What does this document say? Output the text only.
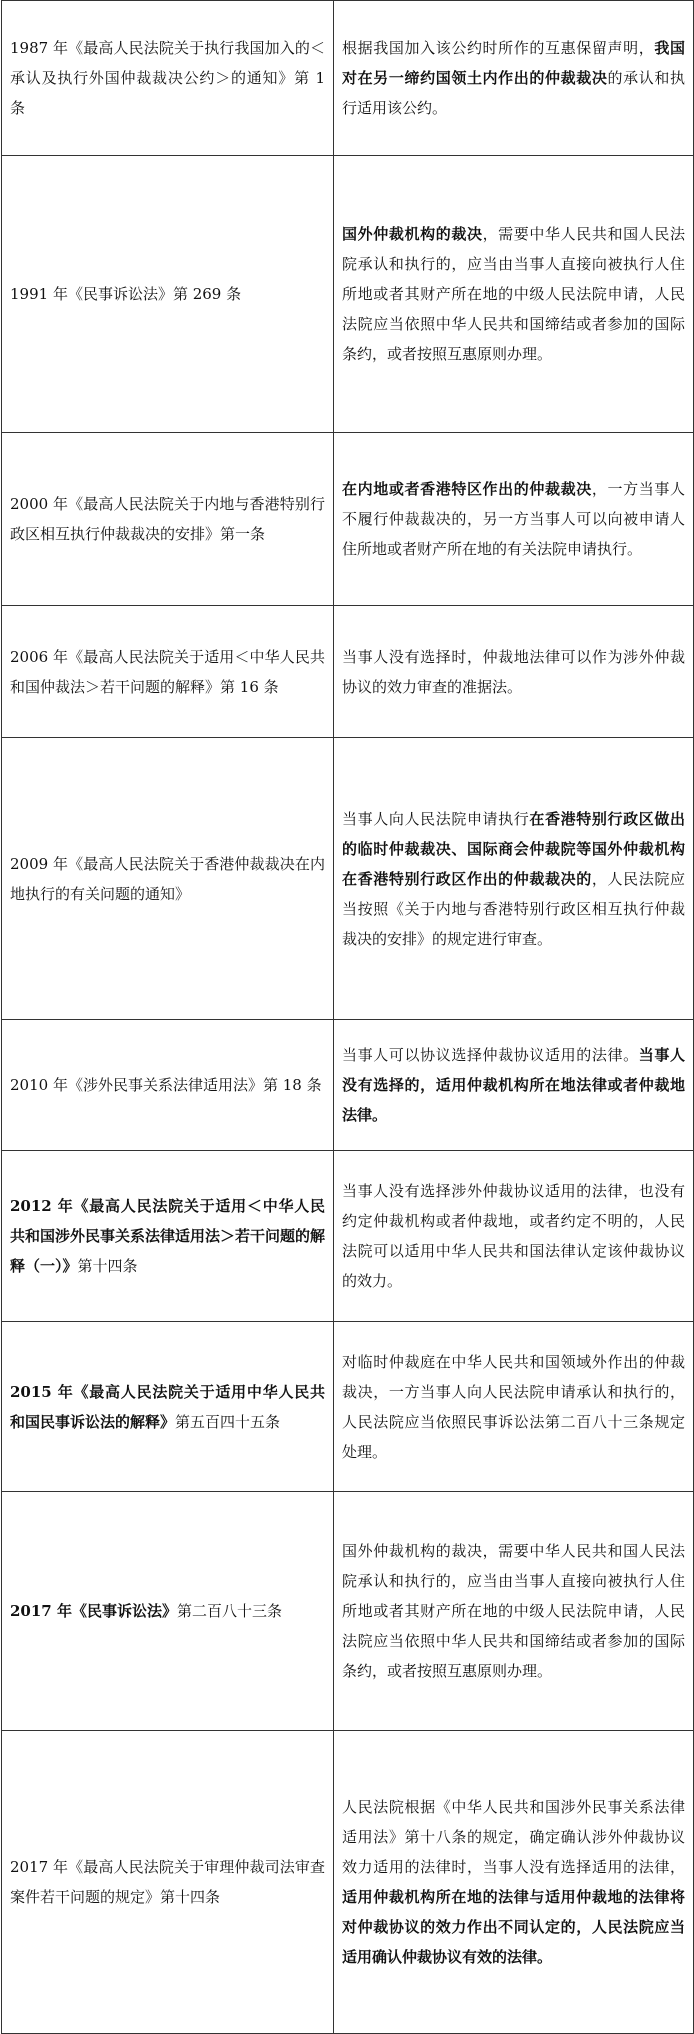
1987 年《最高人民法院关于执行我国加入的＜承认及执行外国仲裁裁决公约＞的通知》第 1 条	根据我国加入该公约时所作的互惠保留声明，我国对在另一缔约国领土内作出的仲裁裁决的承认和执行适用该公约。
1991 年《民事诉讼法》第 269 条	国外仲裁机构的裁决，需要中华人民共和国人民法院承认和执行的，应当由当事人直接向被执行人住所地或者其财产所在地的中级人民法院申请，人民法院应当依照中华人民共和国缔结或者参加的国际条约，或者按照互惠原则办理。
2000 年《最高人民法院关于内地与香港特别行政区相互执行仲裁裁决的安排》第一条	在内地或者香港特区作出的仲裁裁决，一方当事人不履行仲裁裁决的，另一方当事人可以向被申请人住所地或者财产所在地的有关法院申请执行。
2006 年《最高人民法院关于适用＜中华人民共和国仲裁法＞若干问题的解释》第 16 条	当事人没有选择时，仲裁地法律可以作为涉外仲裁协议的效力审查的准据法。
2009 年《最高人民法院关于香港仲裁裁决在内地执行的有关问题的通知》	当事人向人民法院申请执行在香港特别行政区做出的临时仲裁裁决、国际商会仲裁院等国外仲裁机构在香港特别行政区作出的仲裁裁决的，人民法院应当按照《关于内地与香港特别行政区相互执行仲裁裁决的安排》的规定进行审查。
2010 年《涉外民事关系法律适用法》第 18 条	当事人可以协议选择仲裁协议适用的法律。当事人没有选择的，适用仲裁机构所在地法律或者仲裁地法律。
2012 年《最高人民法院关于适用＜中华人民共和国涉外民事关系法律适用法＞若干问题的解释（一）》第十四条	当事人没有选择涉外仲裁协议适用的法律，也没有约定仲裁机构或者仲裁地，或者约定不明的，人民法院可以适用中华人民共和国法律认定该仲裁协议的效力。
2015 年《最高人民法院关于适用中华人民共和国民事诉讼法的解释》第五百四十五条	对临时仲裁庭在中华人民共和国领域外作出的仲裁裁决，一方当事人向人民法院申请承认和执行的，人民法院应当依照民事诉讼法第二百八十三条规定处理。
2017 年《民事诉讼法》第二百八十三条	国外仲裁机构的裁决，需要中华人民共和国人民法院承认和执行的，应当由当事人直接向被执行人住所地或者其财产所在地的中级人民法院申请，人民法院应当依照中华人民共和国缔结或者参加的国际条约，或者按照互惠原则办理。
2017 年《最高人民法院关于审理仲裁司法审查案件若干问题的规定》第十四条	人民法院根据《中华人民共和国涉外民事关系法律适用法》第十八条的规定，确定确认涉外仲裁协议效力适用的法律时，当事人没有选择适用的法律，适用仲裁机构所在地的法律与适用仲裁地的法律将对仲裁协议的效力作出不同认定的，人民法院应当适用确认仲裁协议有效的法律。
